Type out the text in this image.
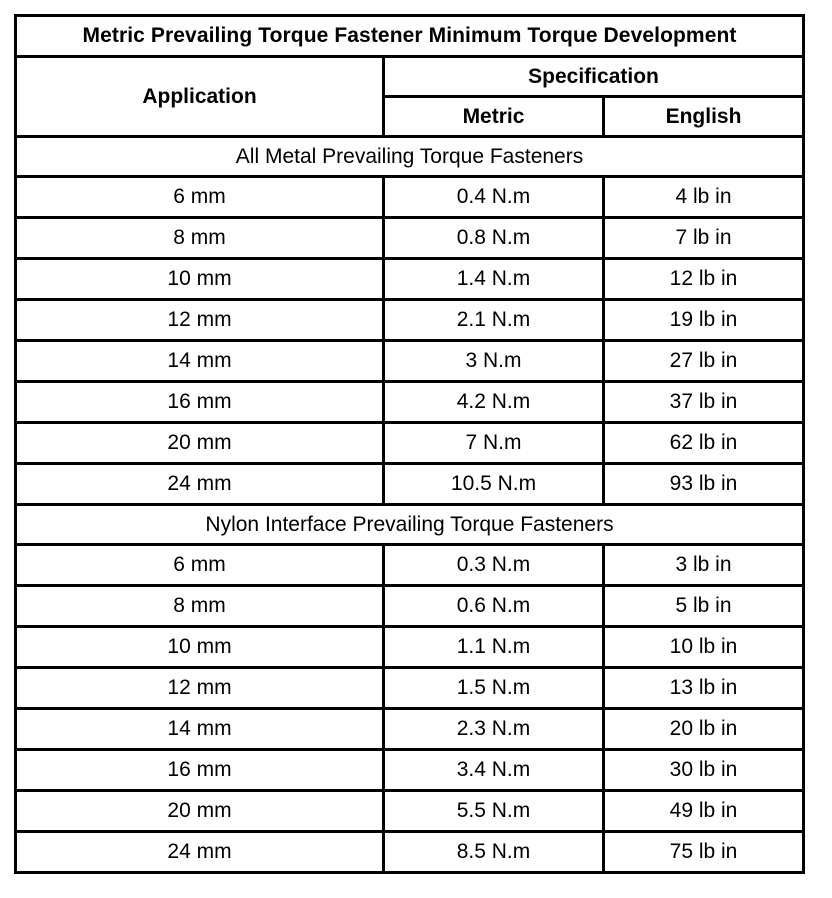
Metric Prevailing Torque Fastener Minimum Torque Development		
Application	Specification	
	Metric	English
All Metal Prevailing Torque Fasteners		
6 mm	0.4 N.m	4 lb in
8 mm	0.8 N.m	7 lb in
10 mm	1.4 N.m	12 lb in
12 mm	2.1 N.m	19 lb in
14 mm	3 N.m	27 lb in
16 mm	4.2 N.m	37 lb in
20 mm	7 N.m	62 lb in
24 mm	10.5 N.m	93 lb in
Nylon Interface Prevailing Torque Fasteners		
6 mm	0.3 N.m	3 lb in
8 mm	0.6 N.m	5 lb in
10 mm	1.1 N.m	10 lb in
12 mm	1.5 N.m	13 lb in
14 mm	2.3 N.m	20 lb in
16 mm	3.4 N.m	30 lb in
20 mm	5.5 N.m	49 lb in
24 mm	8.5 N.m	75 lb in
